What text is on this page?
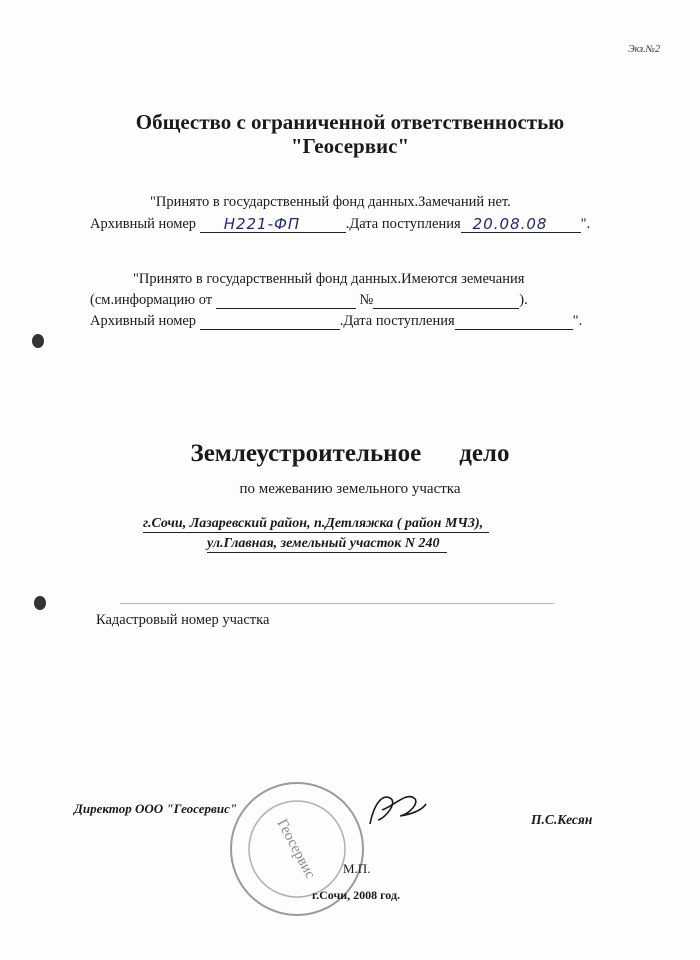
Экз.№2
Общество с ограниченной ответственностью
"Геосервис"
"Принято в государственный фонд данных.Замечаний нет.
Архивный номер Н221-ФП	.Дата поступления 20.08.08 ".
"Принято в государственный фонд данных.Имеются земечания
(см.информацию от	№	).
Архивный номер	.Дата поступления	".
Землеустроительное дело
по межеванию земельного участка
г.Сочи, Лазаревский район, п.Детляжка ( район МЧЗ),
ул.Главная, земельный участок N 240
Кадастровый номер участка
Директор ООО "Геосервис"
П.С.Кесян
Геосервис М.П.
г.Сочи, 2008 год.
